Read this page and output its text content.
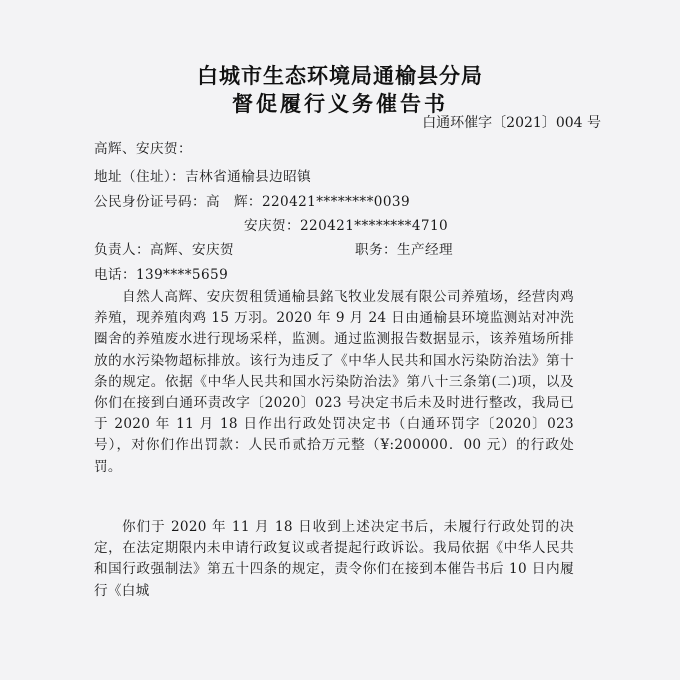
白城市生态环境局通榆县分局
督促履行义务催告书
白通环催字〔2021〕004 号
高辉、安庆贺：
地址（住址）：吉林省通榆县边昭镇
公民身份证号码：高　辉：220421********0039
安庆贺：220421********4710
负责人：高辉、安庆贺	职务：生产经理
电话：139****5659

自然人高辉、安庆贺租赁通榆县銘飞牧业发展有限公司养殖场，经营肉鸡养殖，现养殖肉鸡 15 万羽。2020 年 9 月 24 日由通榆县环境监测站对冲洗圈舍的养殖废水进行现场采样，监测。通过监测报告数据显示，该养殖场所排放的水污染物超标排放。该行为违反了《中华人民共和国水污染防治法》第十条的规定。依据《中华人民共和国水污染防治法》第八十三条第(二)项，以及你们在接到白通环责改字〔2020〕023 号决定书后未及时进行整改，我局已于 2020 年 11 月 18 日作出行政处罚决定书（白通环罚字〔2020〕023 号），对你们作出罚款：人民币贰拾万元整（¥:200000．00 元）的行政处罚。

你们于 2020 年 11 月 18 日收到上述决定书后，未履行行政处罚的决定，在法定期限内未申请行政复议或者提起行政诉讼。我局依据《中华人民共和国行政强制法》第五十四条的规定，责令你们在接到本催告书后 10 日内履行《白城
